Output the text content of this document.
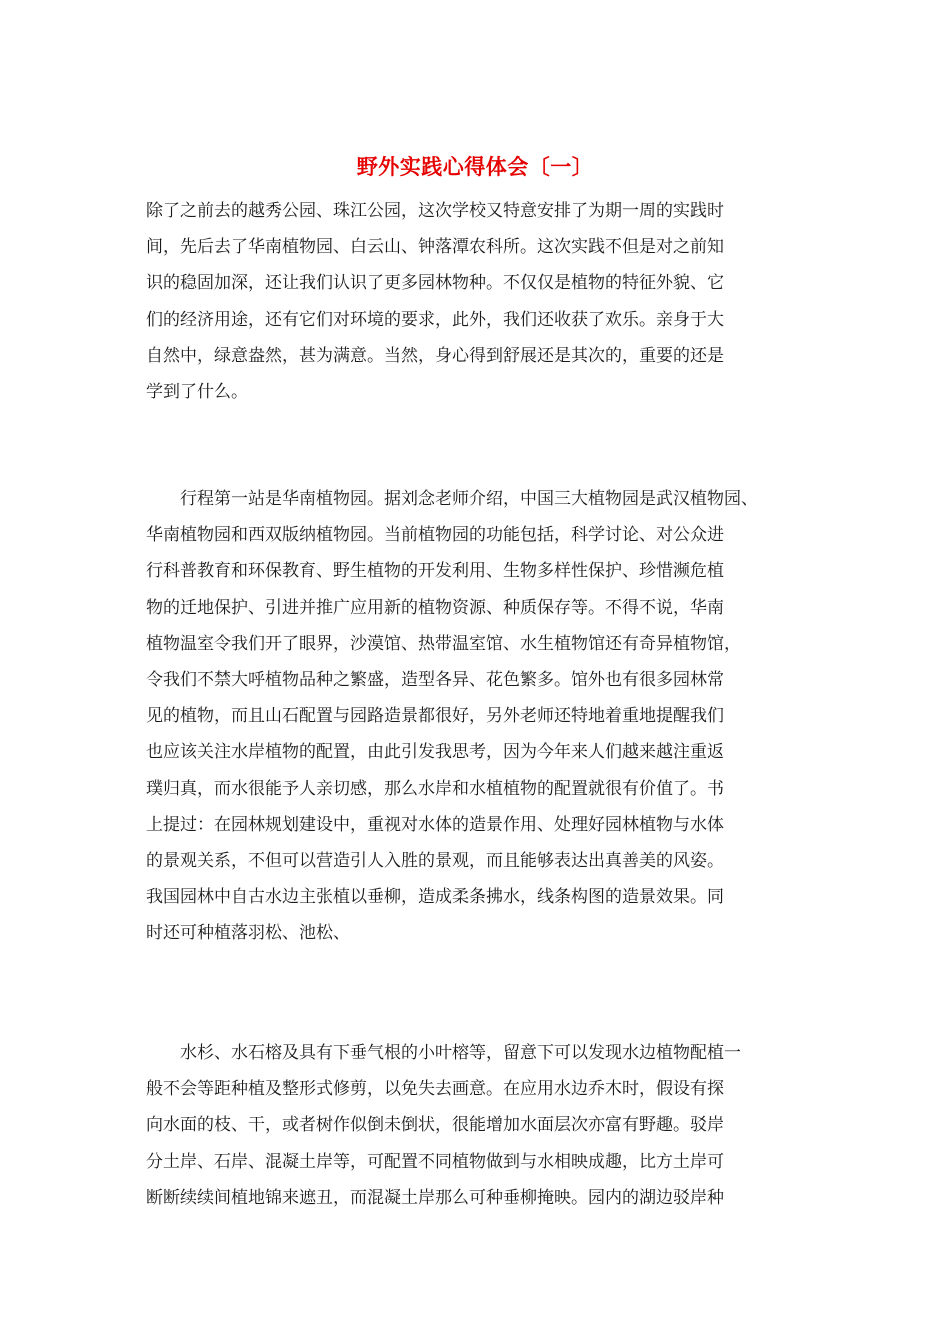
野外实践心得体会〔一〕
除了之前去的越秀公园、珠江公园，这次学校又特意安排了为期一周的实践时
间，先后去了华南植物园、白云山、钟落潭农科所。这次实践不但是对之前知
识的稳固加深，还让我们认识了更多园林物种。不仅仅是植物的特征外貌、它
们的经济用途，还有它们对环境的要求，此外，我们还收获了欢乐。亲身于大
自然中，绿意盎然，甚为满意。当然，身心得到舒展还是其次的，重要的还是
学到了什么。
　　行程第一站是华南植物园。据刘念老师介绍，中国三大植物园是武汉植物园、
华南植物园和西双版纳植物园。当前植物园的功能包括，科学讨论、对公众进
行科普教育和环保教育、野生植物的开发利用、生物多样性保护、珍惜濒危植
物的迁地保护、引进并推广应用新的植物资源、种质保存等。不得不说，华南
植物温室令我们开了眼界，沙漠馆、热带温室馆、水生植物馆还有奇异植物馆，
令我们不禁大呼植物品种之繁盛，造型各异、花色繁多。馆外也有很多园林常
见的植物，而且山石配置与园路造景都很好，另外老师还特地着重地提醒我们
也应该关注水岸植物的配置，由此引发我思考，因为今年来人们越来越注重返
璞归真，而水很能予人亲切感，那么水岸和水植植物的配置就很有价值了。书
上提过：在园林规划建设中，重视对水体的造景作用、处理好园林植物与水体
的景观关系，不但可以营造引人入胜的景观，而且能够表达出真善美的风姿。
我国园林中自古水边主张植以垂柳，造成柔条拂水，线条构图的造景效果。同
时还可种植落羽松、池松、
　　水杉、水石榕及具有下垂气根的小叶榕等，留意下可以发现水边植物配植一
般不会等距种植及整形式修剪，以免失去画意。在应用水边乔木时，假设有探
向水面的枝、干，或者树作似倒未倒状，很能增加水面层次亦富有野趣。驳岸
分土岸、石岸、混凝土岸等，可配置不同植物做到与水相映成趣，比方土岸可
断断续续间植地锦来遮丑，而混凝土岸那么可种垂柳掩映。园内的湖边驳岸种
